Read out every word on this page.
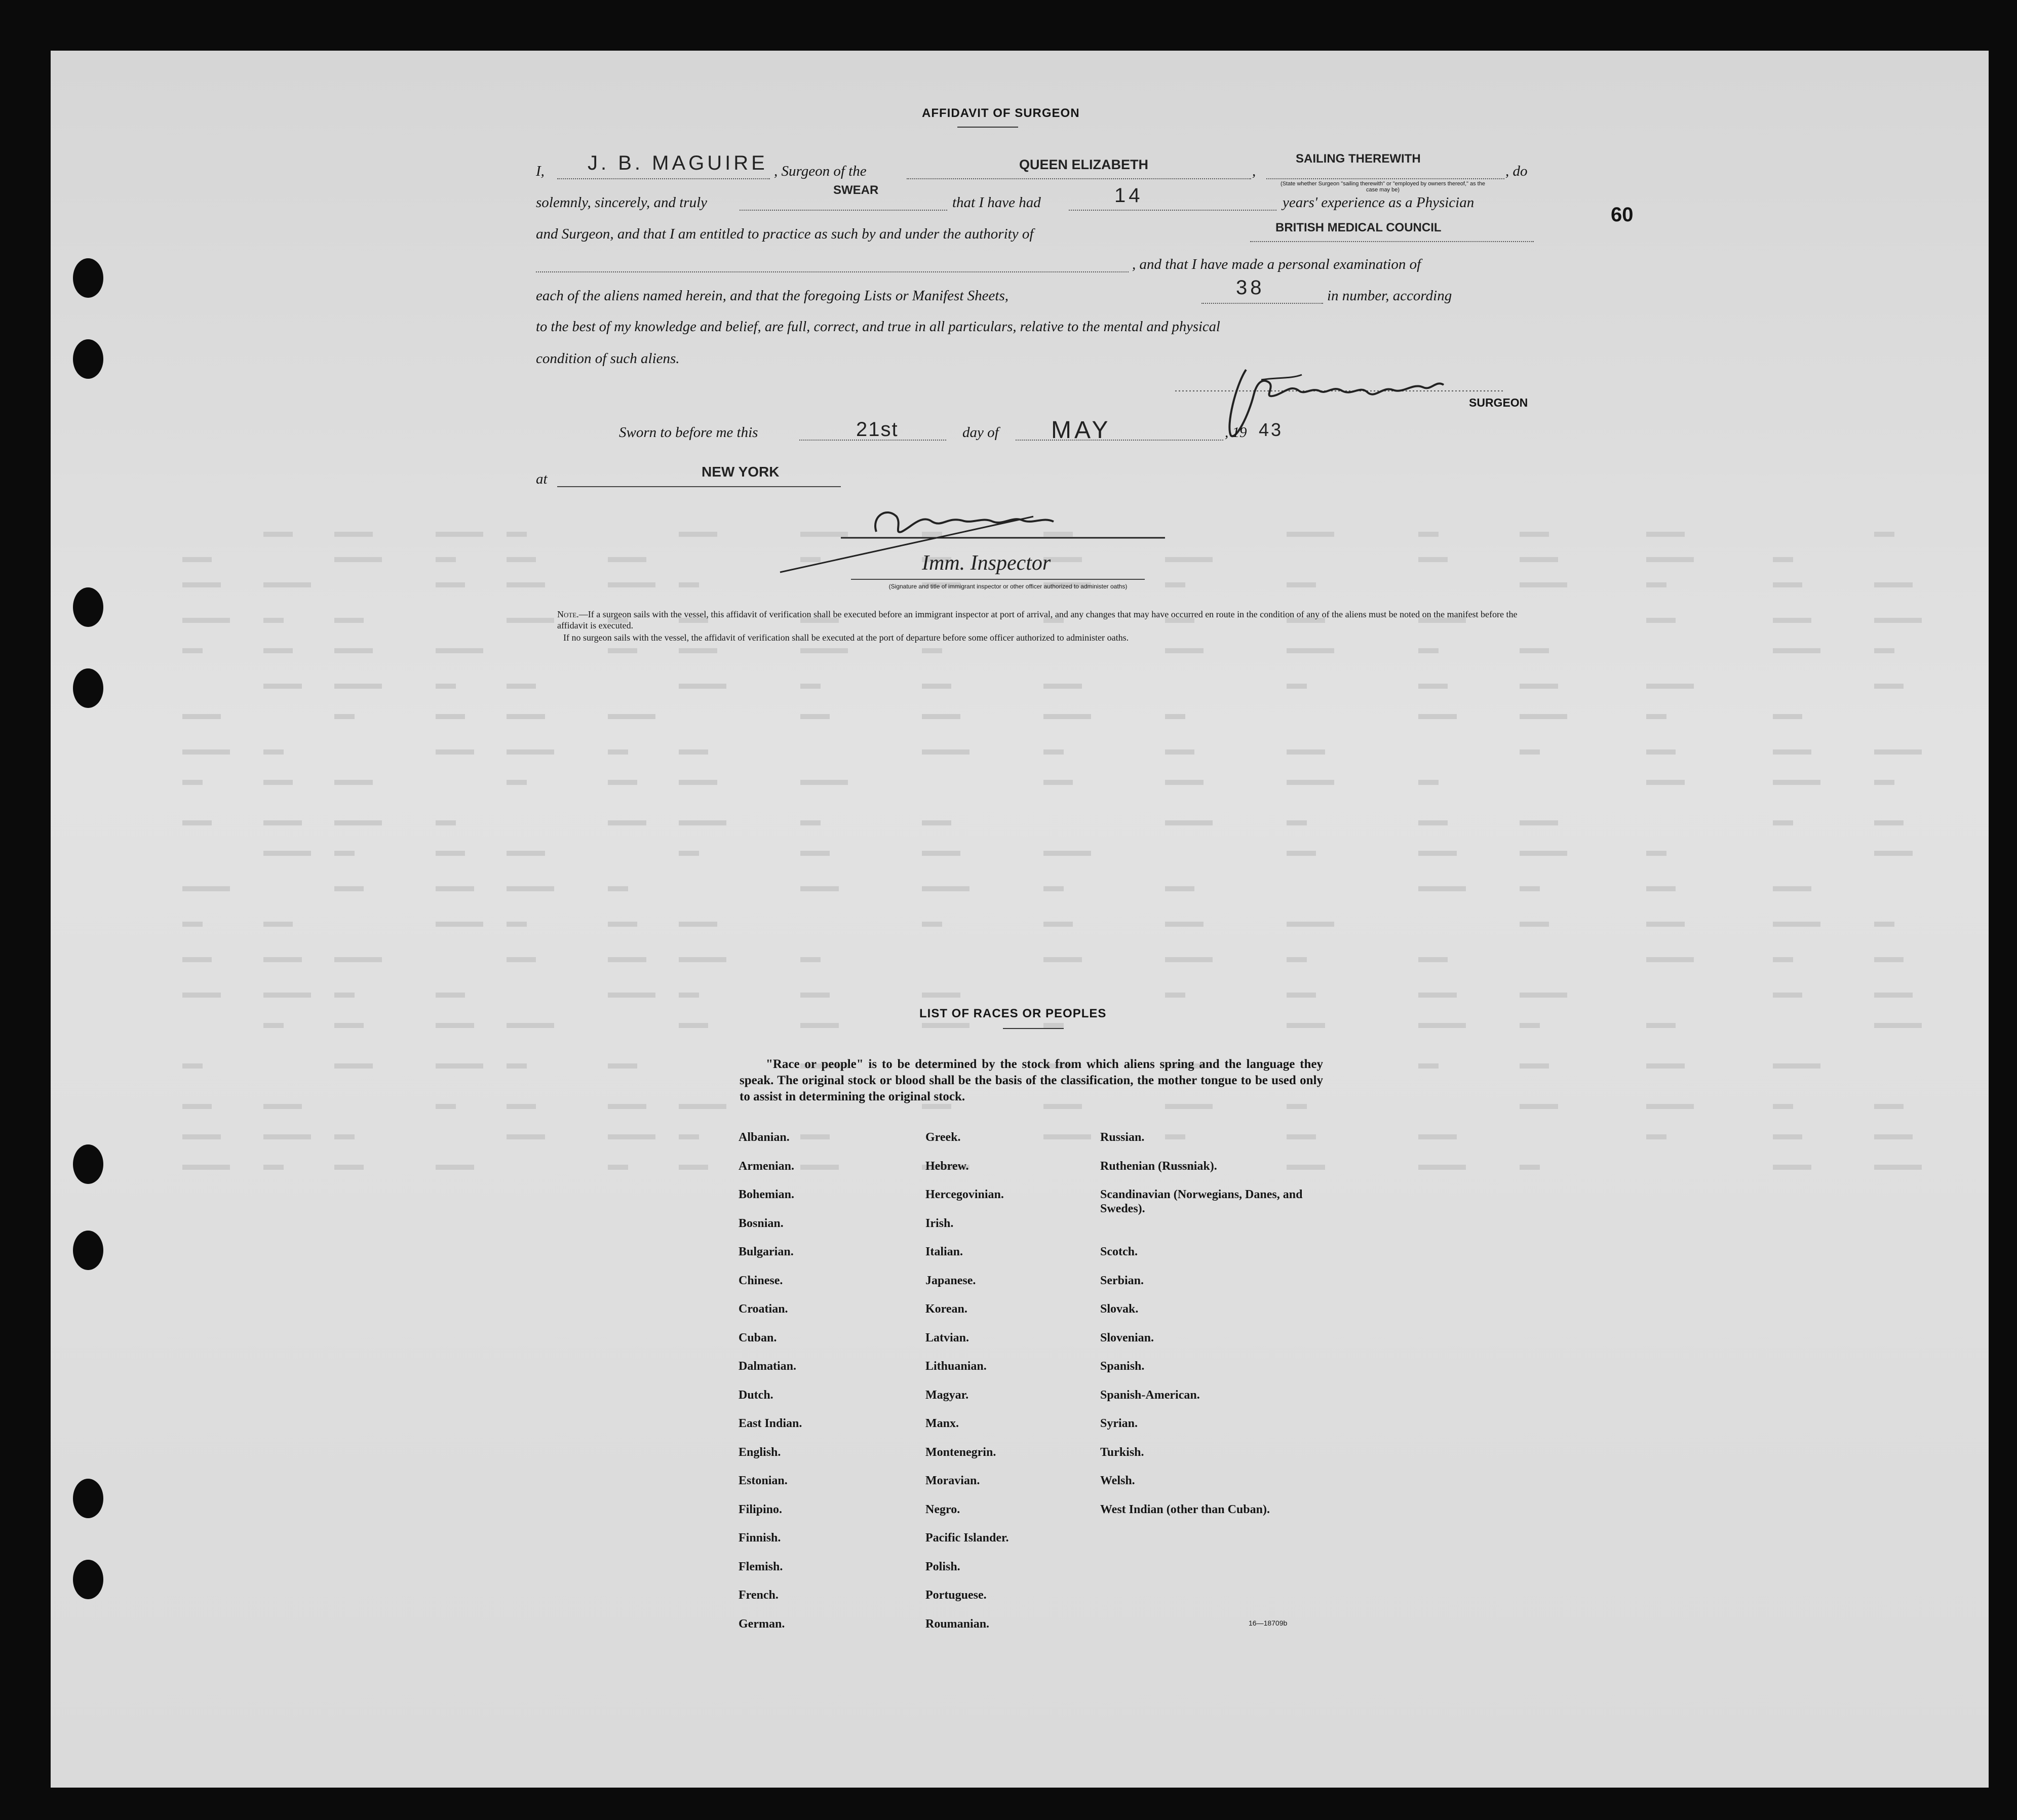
60
AFFIDAVIT OF SURGEON
I, J. B. MAGUIRE , Surgeon of the	QUEEN ELIZABETH	,
SAILING THEREWITH
(State whether Surgeon "sailing therewith" or "employed by owners thereof," as the case may be)
, do
solemnly, sincerely, and truly
SWEAR
that I have had	14	years' experience as a Physician
and Surgeon, and that I am entitled to practice as such by and under the authority of	BRITISH MEDICAL COUNCIL
, and that I have made a personal examination of
each of the aliens named herein, and that the foregoing Lists or Manifest Sheets,	38	in number, according
to the best of my knowledge and belief, are full, correct, and true in all particulars, relative to the mental and physical
condition of such aliens.
SURGEON
Sworn to before me this	21st	day of MAY	, 19 43
at	NEW YORK
Imm. Inspector
(Signature and title of immigrant inspector or other officer authorized to administer oaths)
Note.—If a surgeon sails with the vessel, this affidavit of verification shall be executed before an immigrant inspector at port of arrival, and any changes that may have occurred en route in the condition of any of the aliens must be noted on the manifest before the affidavit is executed.
If no surgeon sails with the vessel, the affidavit of verification shall be executed at the port of departure before some officer authorized to administer oaths.
LIST OF RACES OR PEOPLES
"Race or people" is to be determined by the stock from which aliens spring and the language they speak. The original stock or blood shall be the basis of the classification, the mother tongue to be used only to assist in determining the original stock.
Albanian.
Armenian.
Bohemian.
Bosnian.
Bulgarian.
Chinese.
Croatian.
Cuban.
Dalmatian.
Dutch.
East Indian.
English.
Estonian.
Filipino.
Finnish.
Flemish.
French.
German.
Greek.
Hebrew.
Hercegovinian.
Irish.
Italian.
Japanese.
Korean.
Latvian.
Lithuanian.
Magyar.
Manx.
Montenegrin.
Moravian.
Negro.
Pacific Islander.
Polish.
Portuguese.
Roumanian.
Russian.
Ruthenian (Russniak).
Scandinavian (Norwegians, Danes, and Swedes).
Scotch.
Serbian.
Slovak.
Slovenian.
Spanish.
Spanish-American.
Syrian.
Turkish.
Welsh.
West Indian (other than Cuban).
16—18709b
